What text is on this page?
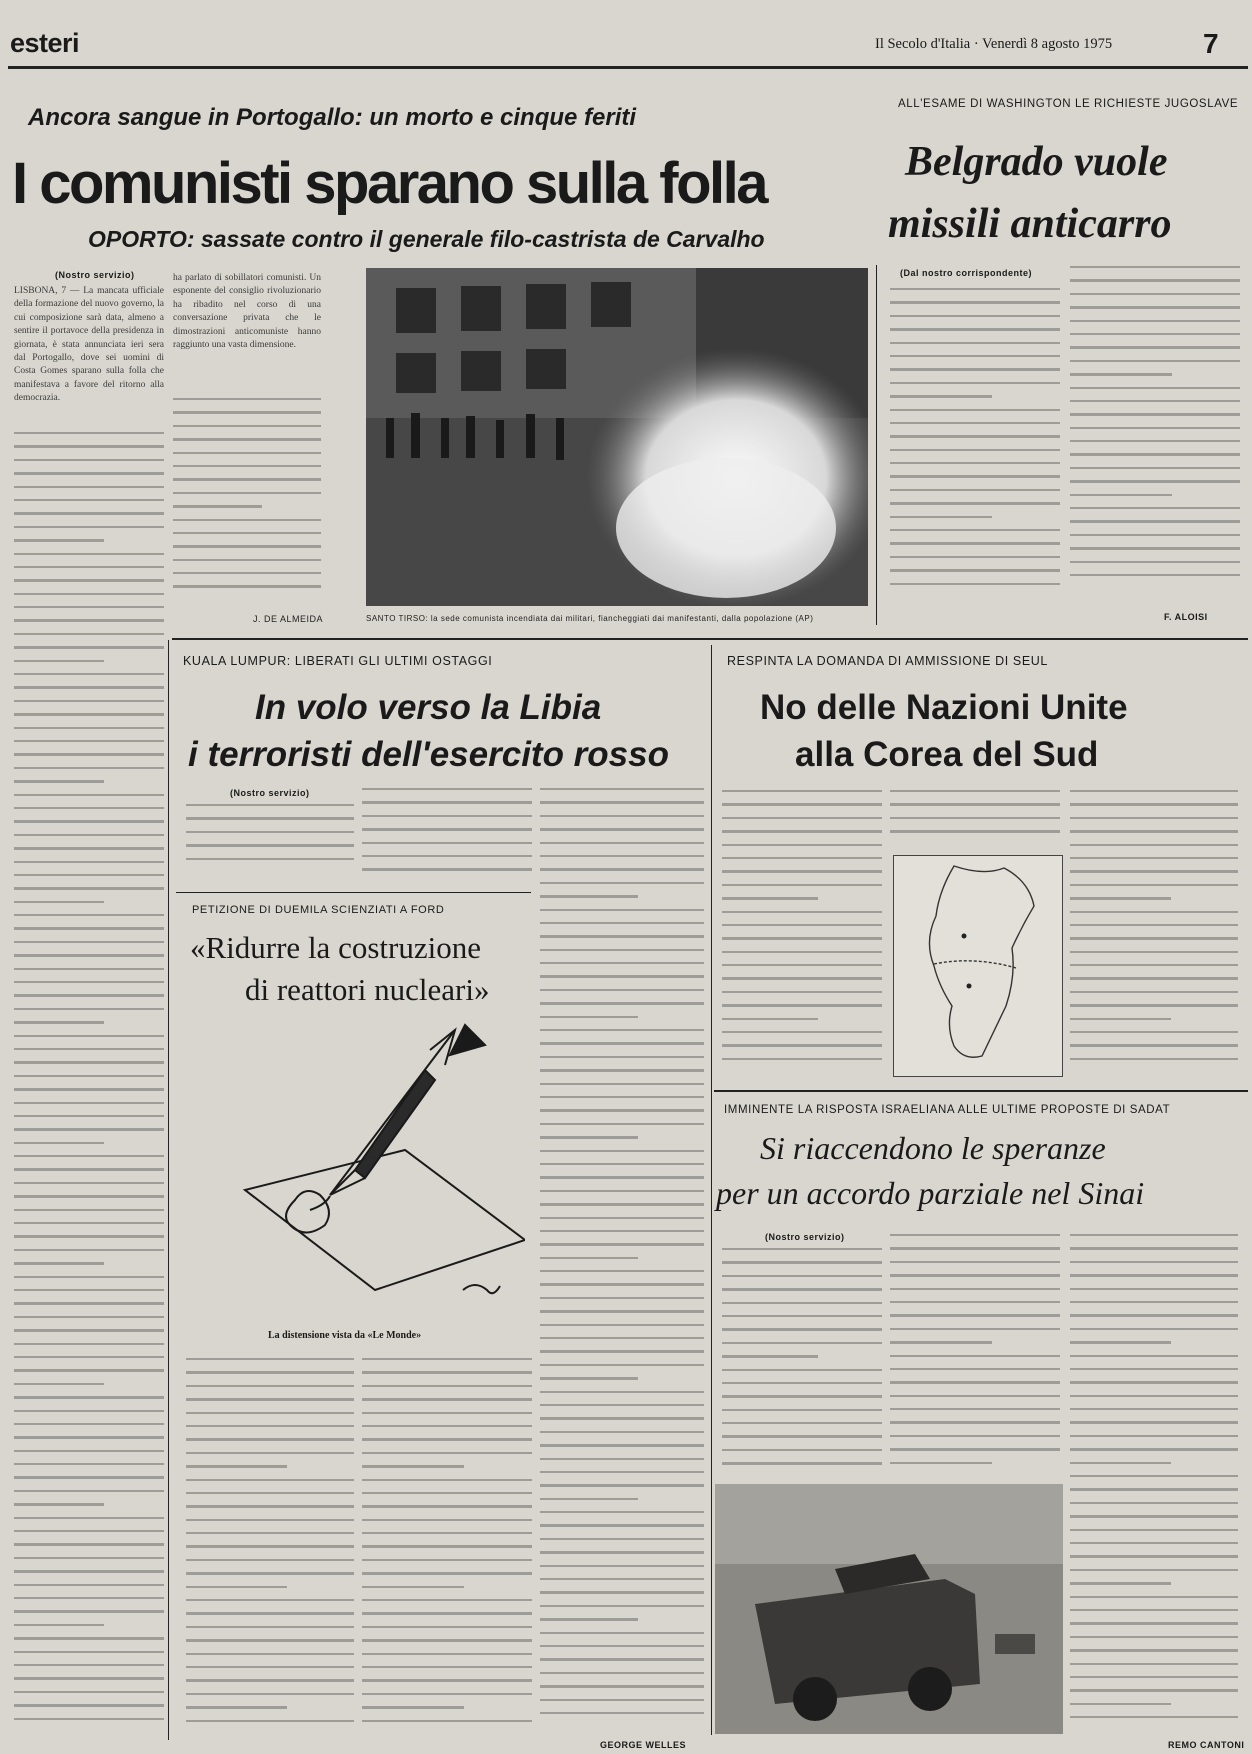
esteri	Il Secolo d'Italia · Venerdì 8 agosto 1975	7
Ancora sangue in Portogallo: un morto e cinque feriti
I comunisti sparano sulla folla
OPORTO: sassate contro il generale filo-castrista de Carvalho
(Nostro servizio)

LISBONA, 7 — La mancata ufficiale della formazione del nuovo governo, la cui composizione sarà data, almeno a sentire il portavoce della presidenza in giornata, è stata annunciata ieri sera dal Portogallo, dove sei uomini di Costa Gomes sparano sulla folla che manifestava a favore del ritorno alla democrazia.

ha parlato di sobillatori comunisti. Un esponente del consiglio rivoluzionario ha ribadito nel corso di una conversazione privata che le dimostrazioni anticomuniste hanno raggiunto una vasta dimensione.

J. DE ALMEIDA	SANTO TIRSO: la sede comunista incendiata dai militari, fiancheggiati dai manifestanti, dalla popolazione (AP)
ALL'ESAME DI WASHINGTON LE RICHIESTE JUGOSLAVE
Belgrado vuole
missili anticarro
(Dal nostro corrispondente)
F. ALOISI
KUALA LUMPUR: LIBERATI GLI ULTIMI OSTAGGI
In volo verso la Libia
i terroristi dell'esercito rosso
(Nostro servizio)
PETIZIONE DI DUEMILA SCIENZIATI A FORD
«Ridurre la costruzione
di reattori nucleari»
La distensione vista da «Le Monde»
GEORGE WELLES
RESPINTA LA DOMANDA DI AMMISSIONE DI SEUL
No delle Nazioni Unite
alla Corea del Sud
IMMINENTE LA RISPOSTA ISRAELIANA ALLE ULTIME PROPOSTE DI SADAT
Si riaccendono le speranze
per un accordo parziale nel Sinai
(Nostro servizio)
REMO CANTONI
